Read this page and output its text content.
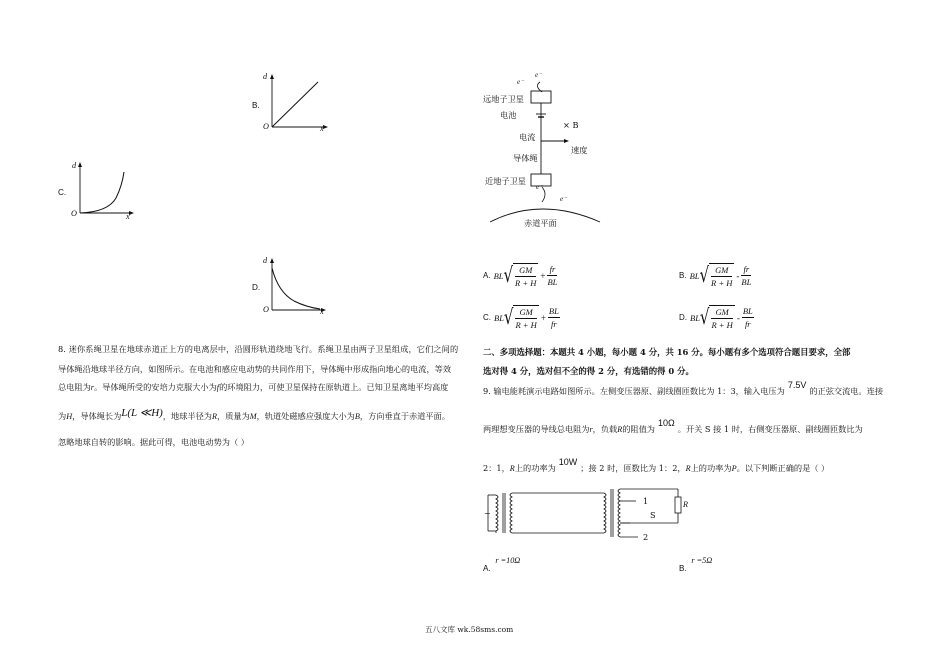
d
B.
O	x
d
C.
O	x
d
D.
O	x
8. 迷你系绳卫星在地球赤道正上方的电离层中，沿圆形轨道绕地飞行。系绳卫星由两子卫星组成，它们之间的
导体绳沿地球半径方向，如图所示。在电池和感应电动势的共同作用下，导体绳中形成指向地心的电流，等效
总电阻为r。导体绳所受的安培力克服大小为f的环境阻力，可使卫星保持在原轨道上。已知卫星离地平均高度
为H，导体绳长为L(L ≪H)，地球半径为R，质量为M，轨道处磁感应强度大小为B，方向垂直于赤道平面。
忽略地球自转的影响。据此可得，电池电动势为（ ）
e⁻
e⁻
远地子卫星
电池
× B
电流
速度
导体绳
近地子卫星
e⁻
e⁻
赤道平面
A. BL √ $\frac{GM}{R + H} + \frac{fr}{BL}$	B. BL √ $\frac{GM}{R + H} - \frac{fr}{BL}$
C. BL √ $\frac{GM}{R + H} + \frac{BL}{fr}$	D. BL √ $\frac{GM}{R + H} - \frac{BL}{fr}$
二、多项选择题：本题共 4 小题，每小题 4 分，共 16 分。每小题有多个选项符合题目要求，全部
选对得 4 分，选对但不全的得 2 分，有选错的得 0 分。
9. 输电能耗演示电路如图所示。左侧变压器原、副线圈匝数比为 1：3，输入电压为7.5V的正弦交流电。连接
两理想变压器的导线总电阻为r，负载R的阻值为10Ω。开关 S 接 1 时，右侧变压器原、副线圈匝数比为
2：1，R上的功率为10W；接 2 时，匝数比为 1：2，R上的功率为P。以下判断正确的是（ ）
~
1
S
2
R
A. r =10Ω
B. r =5Ω
五八文库 wk.58sms.com
